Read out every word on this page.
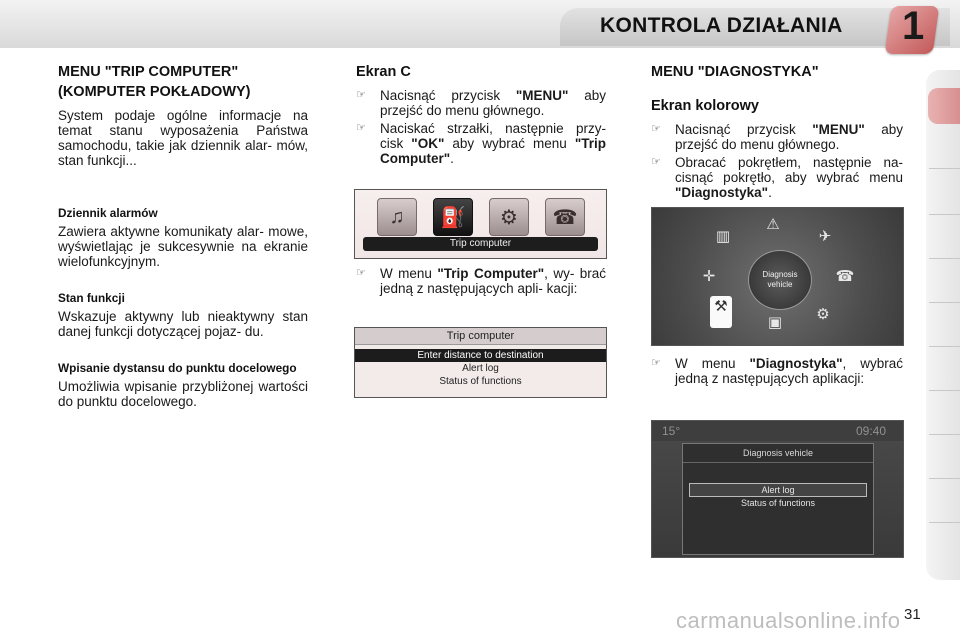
KONTROLA DZIAŁANIA 1
MENU "TRIP COMPUTER"
(KOMPUTER POKŁADOWY)

System podaje ogólne informacje na temat stanu wyposażenia Państwa samochodu, takie jak dziennik alar- mów, stan funkcji...

Dziennik alarmów

Zawiera aktywne komunikaty alar- mowe, wyświetlając je sukcesywnie na ekranie wielofunkcyjnym.

Stan funkcji

Wskazuje aktywny lub nieaktywny stan danej funkcji dotyczącej pojaz- du.

Wpisanie dystansu do punktu docelowego

Umożliwia wpisanie przybliżonej wartości do punktu docelowego.

Ekran C
☞ Nacisnąć przycisk "MENU" aby przejść do menu głównego.
☞ Naciskać strzałki, następnie przy- cisk "OK" aby wybrać menu "Trip Computer".
☞ W menu "Trip Computer", wy- brać jedną z następujących apli- kacji:
♫	⛽	⚙	☎
Trip computer
Trip computer
Enter distance to destination
Alert log
Status of functions
MENU "DIAGNOSTYKA"
Ekran kolorowy
☞ Nacisnąć przycisk "MENU" aby przejść do menu głównego.
☞ Obracać pokrętłem, następnie na- cisnąć pokrętło, aby wybrać menu "Diagnostyka".
☞ W menu "Diagnostyka", wybrać jedną z następujących aplikacji:
▥
⚠
✈
✛	☎
⚒
▣ ⚙
Diagnosis
vehicle
15°	09:40
Diagnosis vehicle
Alert log
Status of functions
carmanualsonline.info 31
